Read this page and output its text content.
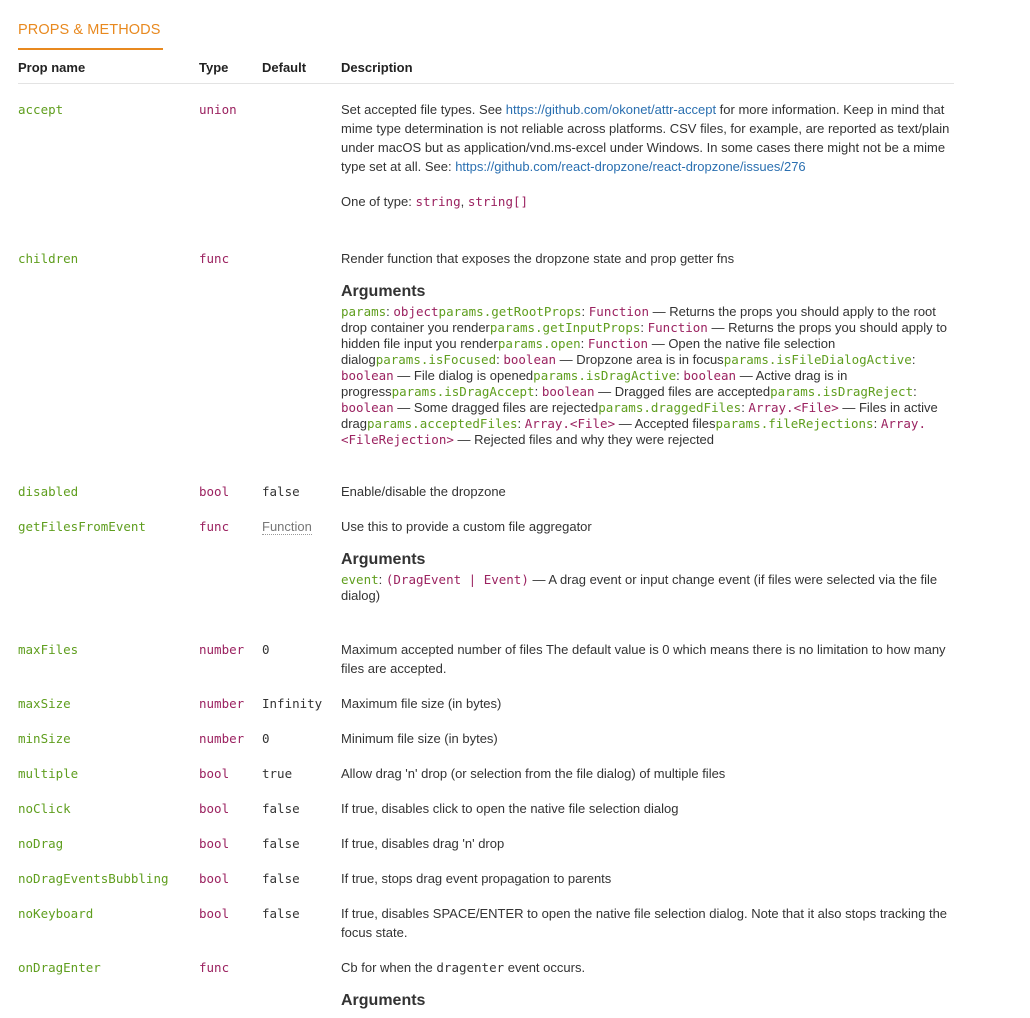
PROPS & METHODS
Prop name	Type	Default	Description
accept	union		Set accepted file types. See https://github.com/okonet/attr-accept for more information. Keep in mind that mime type determination is not reliable across platforms. CSV files, for example, are reported as text/plain under macOS but as application/vnd.ms-excel under Windows. In some cases there might not be a mime type set at all. See: https://github.com/react-dropzone/react-dropzone/issues/276
One of type: string, string[]

children	func		Render function that exposes the dropzone state and prop getter fns
Arguments
params: objectparams.getRootProps: Function — Returns the props you should apply to the root drop container you renderparams.getInputProps: Function — Returns the props you should apply to hidden file input you renderparams.open: Function — Open the native file selection dialogparams.isFocused: boolean — Dropzone area is in focusparams.isFileDialogActive: boolean — File dialog is openedparams.isDragActive: boolean — Active drag is in progressparams.isDragAccept: boolean — Dragged files are acceptedparams.isDragReject: boolean — Some dragged files are rejectedparams.draggedFiles: Array.<File> — Files in active dragparams.acceptedFiles: Array.<File> — Accepted filesparams.fileRejections: Array.<FileRejection> — Rejected files and why they were rejected

disabled	bool	false	Enable/disable the dropzone
getFilesFromEvent	func	Function	Use this to provide a custom file aggregator
Arguments
event: (DragEvent | Event) — A drag event or input change event (if files were selected via the file dialog)

maxFiles	number	0	Maximum accepted number of files The default value is 0 which means there is no limitation to how many files are accepted.
maxSize	number	Infinity	Maximum file size (in bytes)
minSize	number	0	Minimum file size (in bytes)
multiple	bool	true	Allow drag 'n' drop (or selection from the file dialog) of multiple files
noClick	bool	false	If true, disables click to open the native file selection dialog
noDrag	bool	false	If true, disables drag 'n' drop
noDragEventsBubbling	bool	false	If true, stops drag event propagation to parents
noKeyboard	bool	false	If true, disables SPACE/ENTER to open the native file selection dialog. Note that it also stops tracking the focus state.
onDragEnter	func		Cb for when the dragenter event occurs.
Arguments
